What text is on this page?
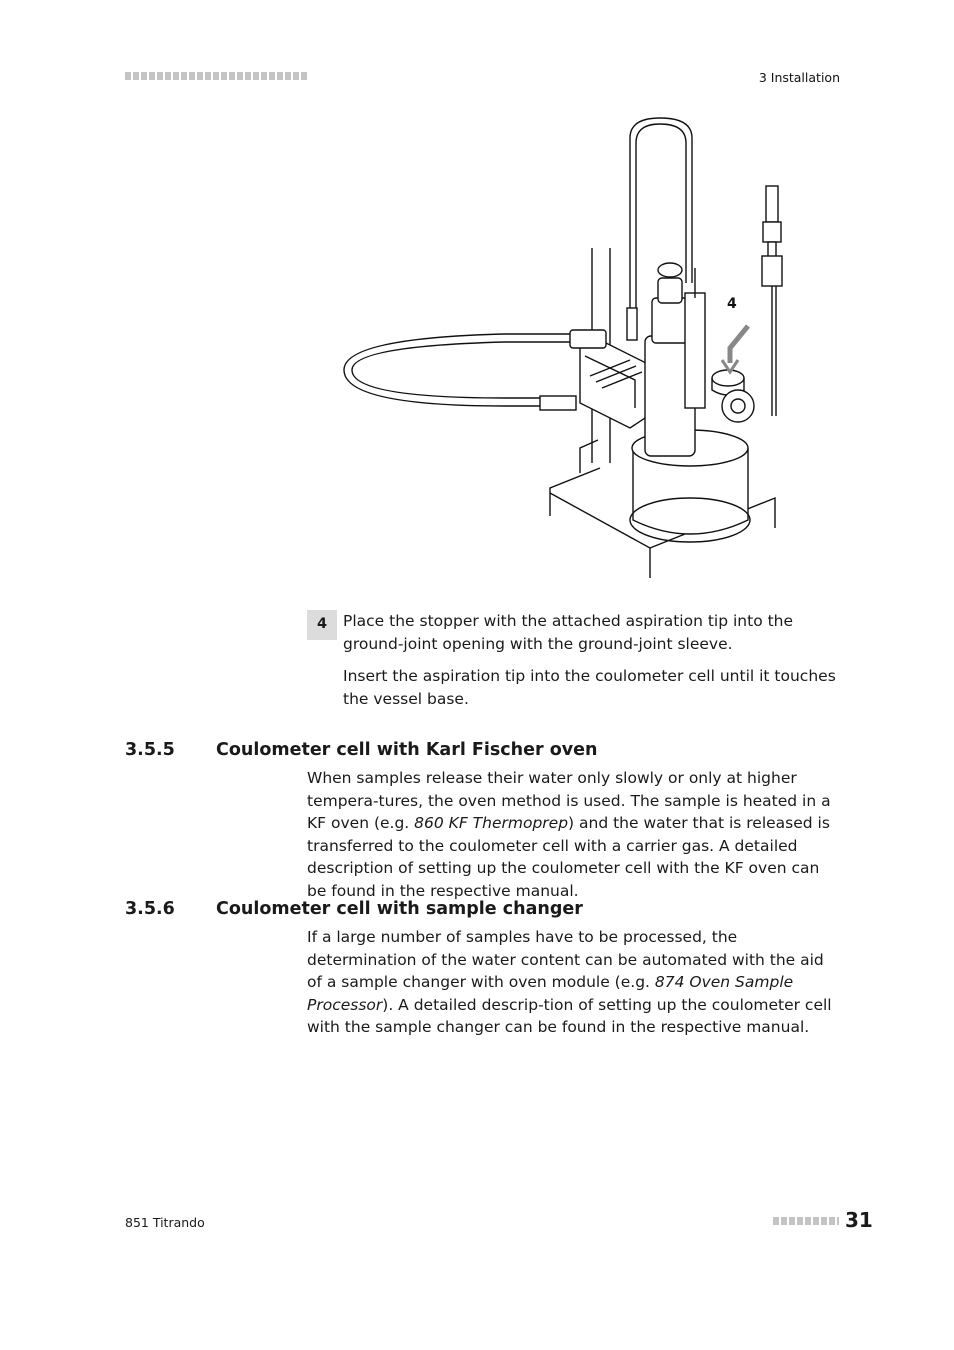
3 Installation
4
4	Place the stopper with the attached aspiration tip into the ground-joint opening with the ground-joint sleeve.

Insert the aspiration tip into the coulometer cell until it touches the vessel base.

3.5.5 Coulometer cell with Karl Fischer oven

When samples release their water only slowly or only at higher tempera-tures, the oven method is used. The sample is heated in a KF oven (e.g. 860 KF Thermoprep) and the water that is released is transferred to the coulometer cell with a carrier gas. A detailed description of setting up the coulometer cell with the KF oven can be found in the respective manual.

3.5.6 Coulometer cell with sample changer

If a large number of samples have to be processed, the determination of the water content can be automated with the aid of a sample changer with oven module (e.g. 874 Oven Sample Processor). A detailed descrip-tion of setting up the coulometer cell with the sample changer can be found in the respective manual.

851 Titrando	31
